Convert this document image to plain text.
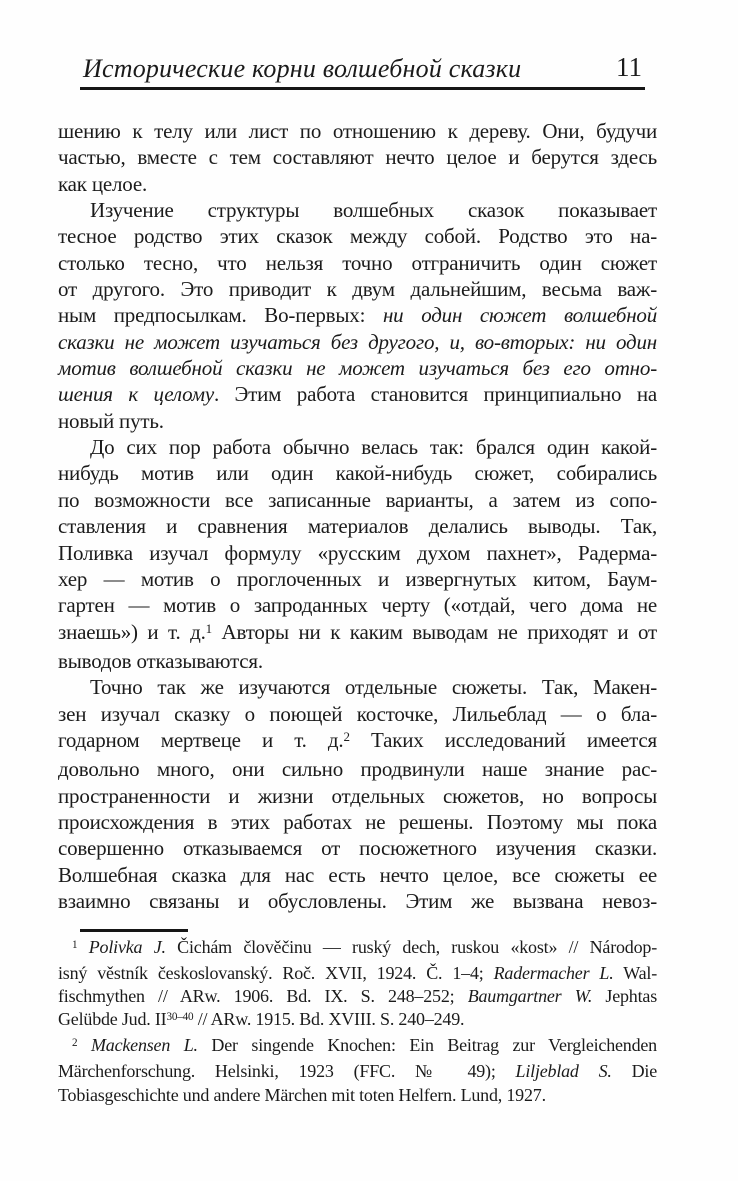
Исторические корни волшебной сказки	11
шению к телу или лист по отношению к дереву. Они, будучи
частью, вместе с тем составляют нечто целое и берутся здесь
как целое.
Изучение структуры волшебных сказок показывает
тесное родство этих сказок между собой. Родство это на-
столько тесно, что нельзя точно отграничить один сюжет
от другого. Это приводит к двум дальнейшим, весьма важ-
ным предпосылкам. Во-первых: ни один сюжет волшебной
сказки не может изучаться без другого, и, во-вторых: ни один
мотив волшебной сказки не может изучаться без его отно-
шения к целому. Этим работа становится принципиально на
новый путь.
До сих пор работа обычно велась так: брался один какой-
нибудь мотив или один какой-нибудь сюжет, собирались
по возможности все записанные варианты, а затем из сопо-
ставления и сравнения материалов делались выводы. Так,
Поливка изучал формулу «русским духом пахнет», Радерма-
хер — мотив о проглоченных и извергнутых китом, Баум-
гартен — мотив о запроданных черту («отдай, чего дома не
знаешь») и т. д.$^1$ Авторы ни к каким выводам не приходят и от
выводов отказываются.
Точно так же изучаются отдельные сюжеты. Так, Макен-
зен изучал сказку о поющей косточке, Лильеблад — о бла-
годарном мертвеце и т. д.$^2$ Таких исследований имеется
довольно много, они сильно продвинули наше знание рас-
пространенности и жизни отдельных сюжетов, но вопросы
происхождения в этих работах не решены. Поэтому мы пока
совершенно отказываемся от посюжетного изучения сказки.
Волшебная сказка для нас есть нечто целое, все сюжеты ее
взаимно связаны и обусловлены. Этим же вызвана невоз-
$^1$ Polivka J. Čichám člověčinu — ruský dech, ruskou «kost» // Národop-
isný věstník českoslovanský. Roč. XVII, 1924. Č. 1–4; Radermacher L. Wal-
fischmythen // ARw. 1906. Bd. IX. S. 248–252; Baumgartner W. Jephtas
Gelübde Jud. II$^{30-40}$ // ARw. 1915. Bd. XVIII. S. 240–249.
$^2$ Mackensen L. Der singende Knochen: Ein Beitrag zur Vergleichenden
Märchenforschung. Helsinki, 1923 (FFC. № 49); Liljeblad S. Die
Tobiasgeschichte und andere Märchen mit toten Helfern. Lund, 1927.
